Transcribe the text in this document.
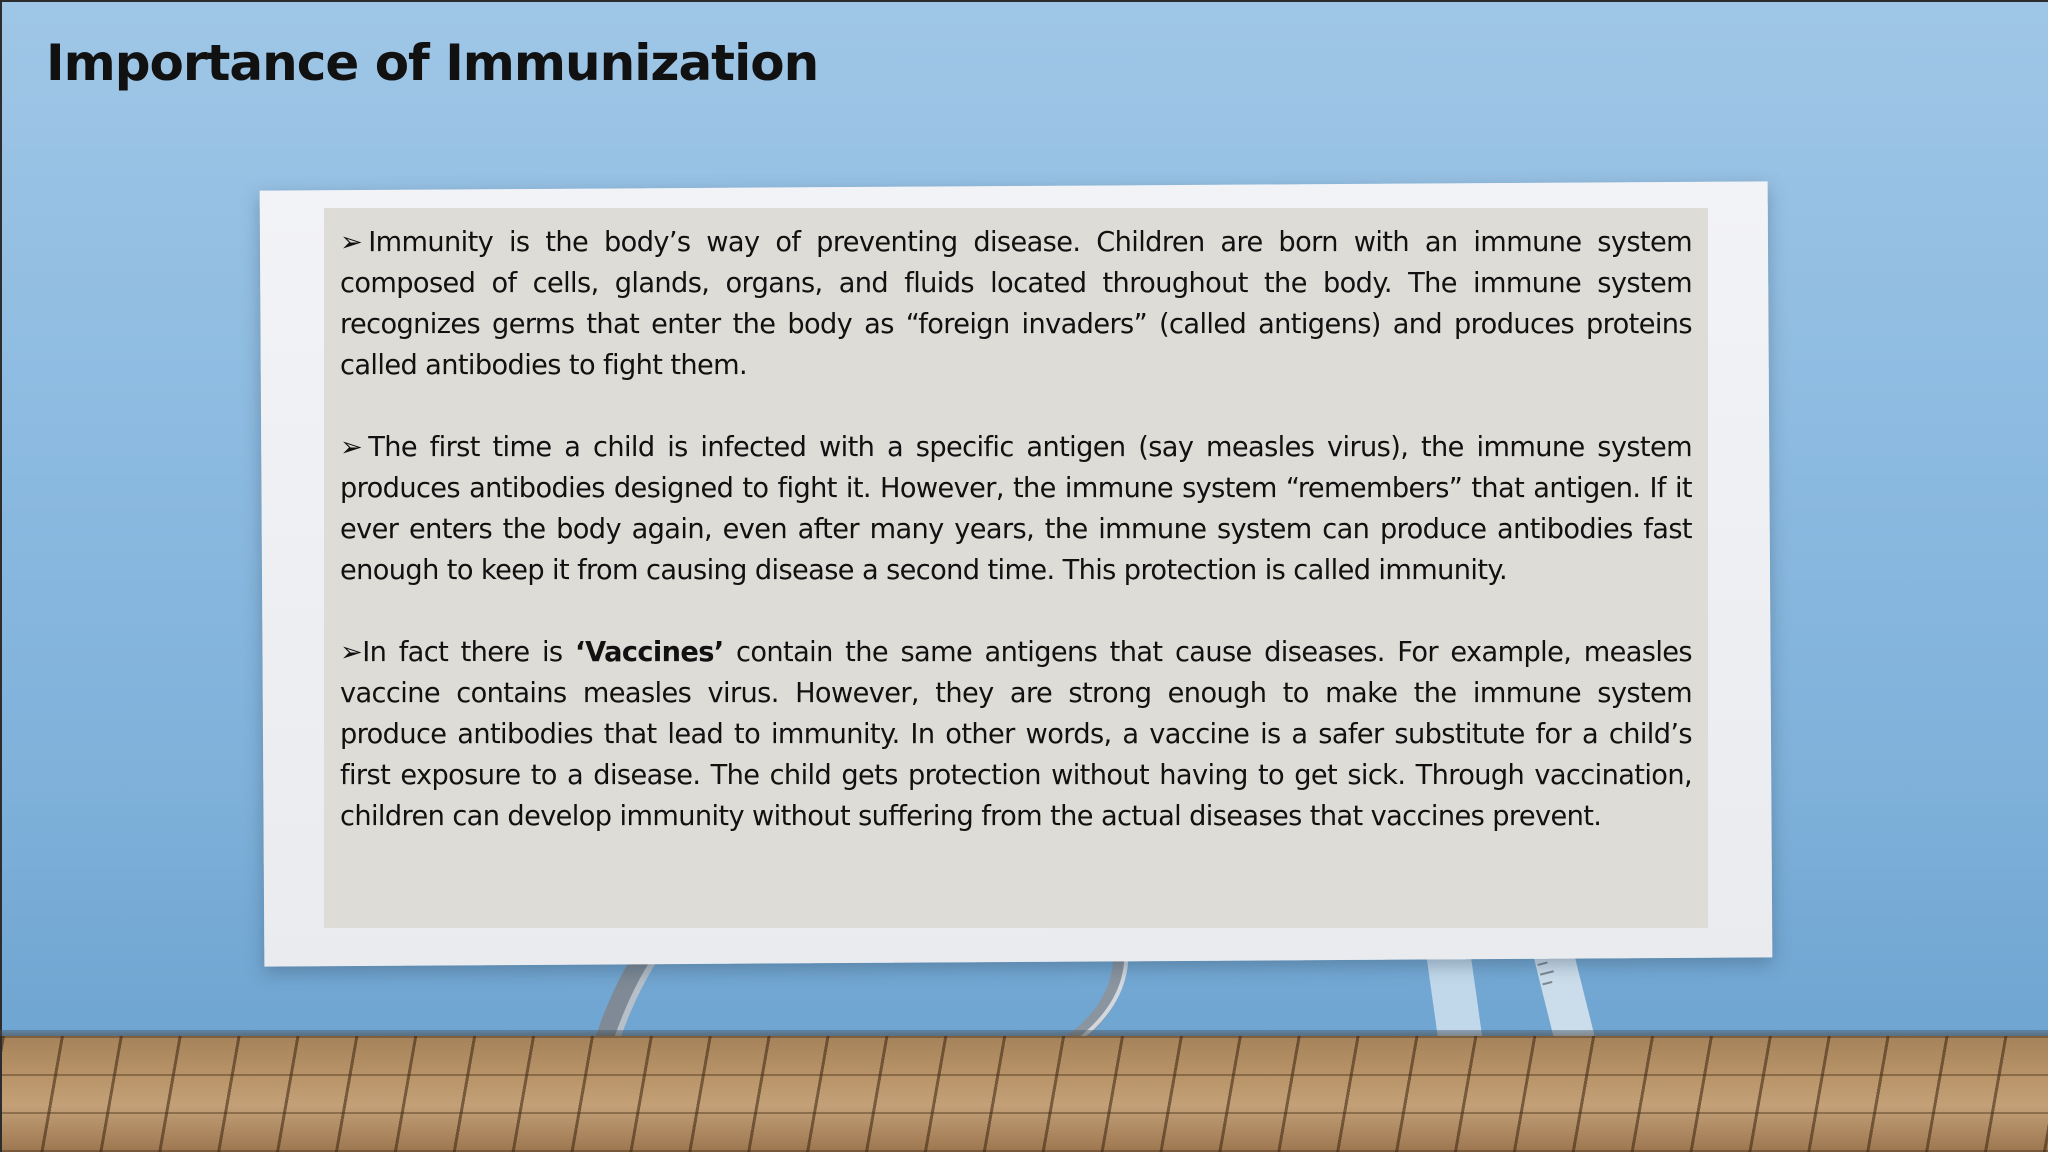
Importance of Immunization

➢ Immunity is the body’s way of preventing disease. Children are born with an immune system composed of cells, glands, organs, and fluids located throughout the body. The immune system recognizes germs that enter the body as “foreign invaders” (called antigens) and produces proteins called antibodies to fight them.

➢ The first time a child is infected with a specific antigen (say measles virus), the immune system produces antibodies designed to fight it. However, the immune system “remembers” that antigen. If it ever enters the body again, even after many years, the immune system can produce antibodies fast enough to keep it from causing disease a second time. This protection is called immunity.

➢In fact there is ‘Vaccines’ contain the same antigens that cause diseases. For example, measles vaccine contains measles virus. However, they are strong enough to make the immune system produce antibodies that lead to immunity. In other words, a vaccine is a safer substitute for a child’s first exposure to a disease. The child gets protection without having to get sick. Through vaccination, children can develop immunity without suffering from the actual diseases that vaccines prevent.
